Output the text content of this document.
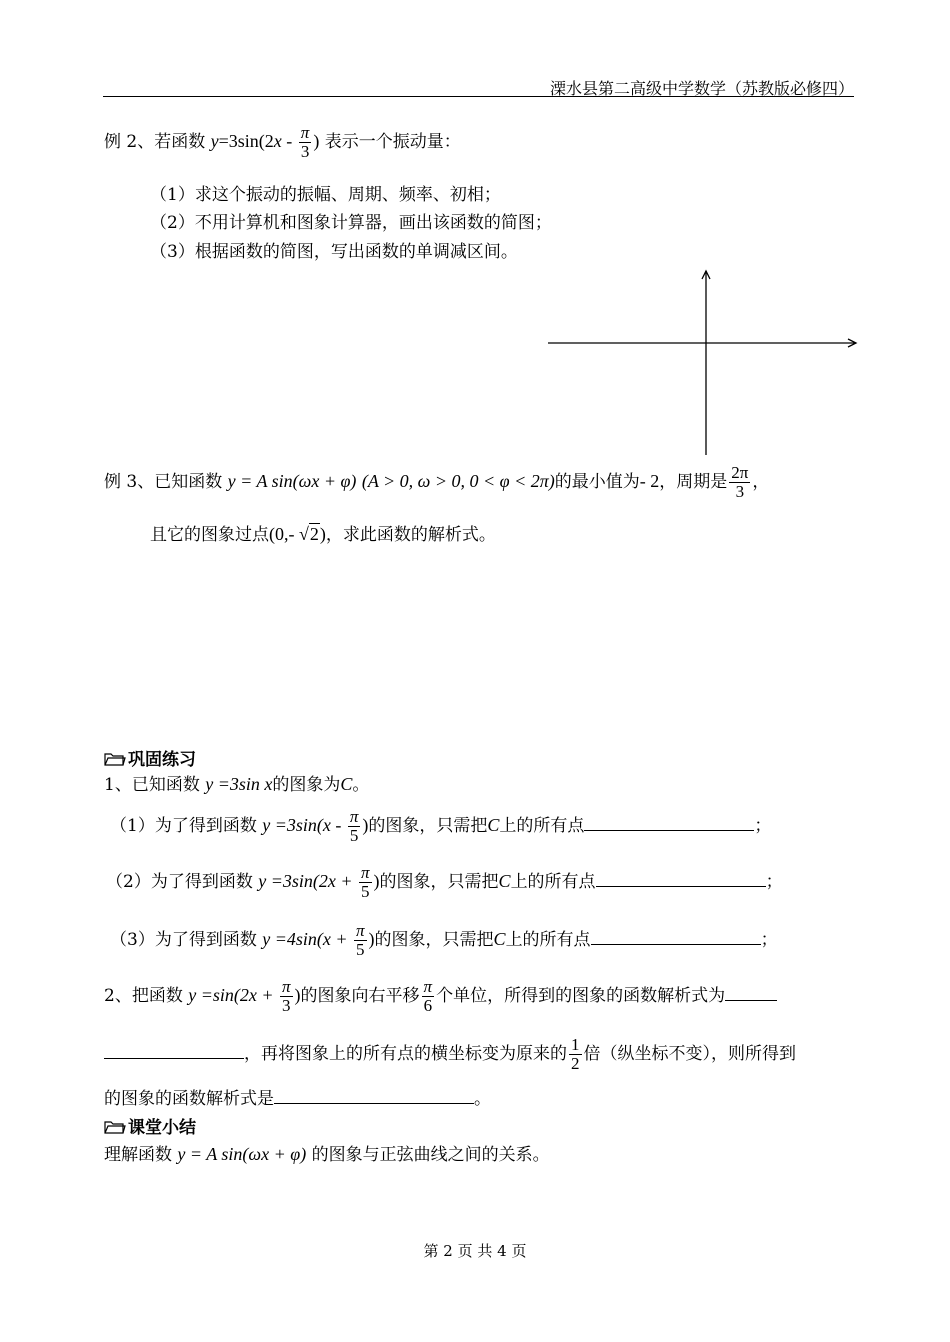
溧水县第二高级中学数学（苏教版必修四）
例 2、若函数 $y=3\sin(2x - \frac{\pi}{3}$ ) 表示一个振动量：
（1）求这个振动的振幅、周期、频率、初相；
（2）不用计算机和图象计算器，画出该函数的简图；
（3）根据函数的简图，写出函数的单调减区间。
例 3、已知函数 y = A sin(ωx + φ) (A > 0, ω > 0, 0 < φ < 2π)的最小值为- 2，周期是 $\frac{2\pi}{3}$ ，
且它的图象过点(0,- √2)，求此函数的解析式。
巩固练习
1、已知函数 y =3sin x的图象为C。
（1）为了得到函数 $y =3\sin(x - \frac{\pi}{5}$ )的图象，只需把C上的所有点	；
（2）为了得到函数 $y =3\sin(2x + \frac{\pi}{5}$ )的图象，只需把C上的所有点	；
（3）为了得到函数 $y =4\sin(x + \frac{\pi}{5}$ )的图象，只需把C上的所有点	；
2、把函数 $y =\sin(2x + \frac{\pi}{3}$ )的图象向右平移 $\frac{\pi}{6}$ 个单位，所得到的图象的函数解析式为
，再将图象上的所有点的横坐标变为原来的 $\frac{1}{2}$ 倍（纵坐标不变），则所得到
的图象的函数解析式是	。
课堂小结
理解函数 y = A sin(ωx + φ) 的图象与正弦曲线之间的关系。
第 2 页 共 4 页
